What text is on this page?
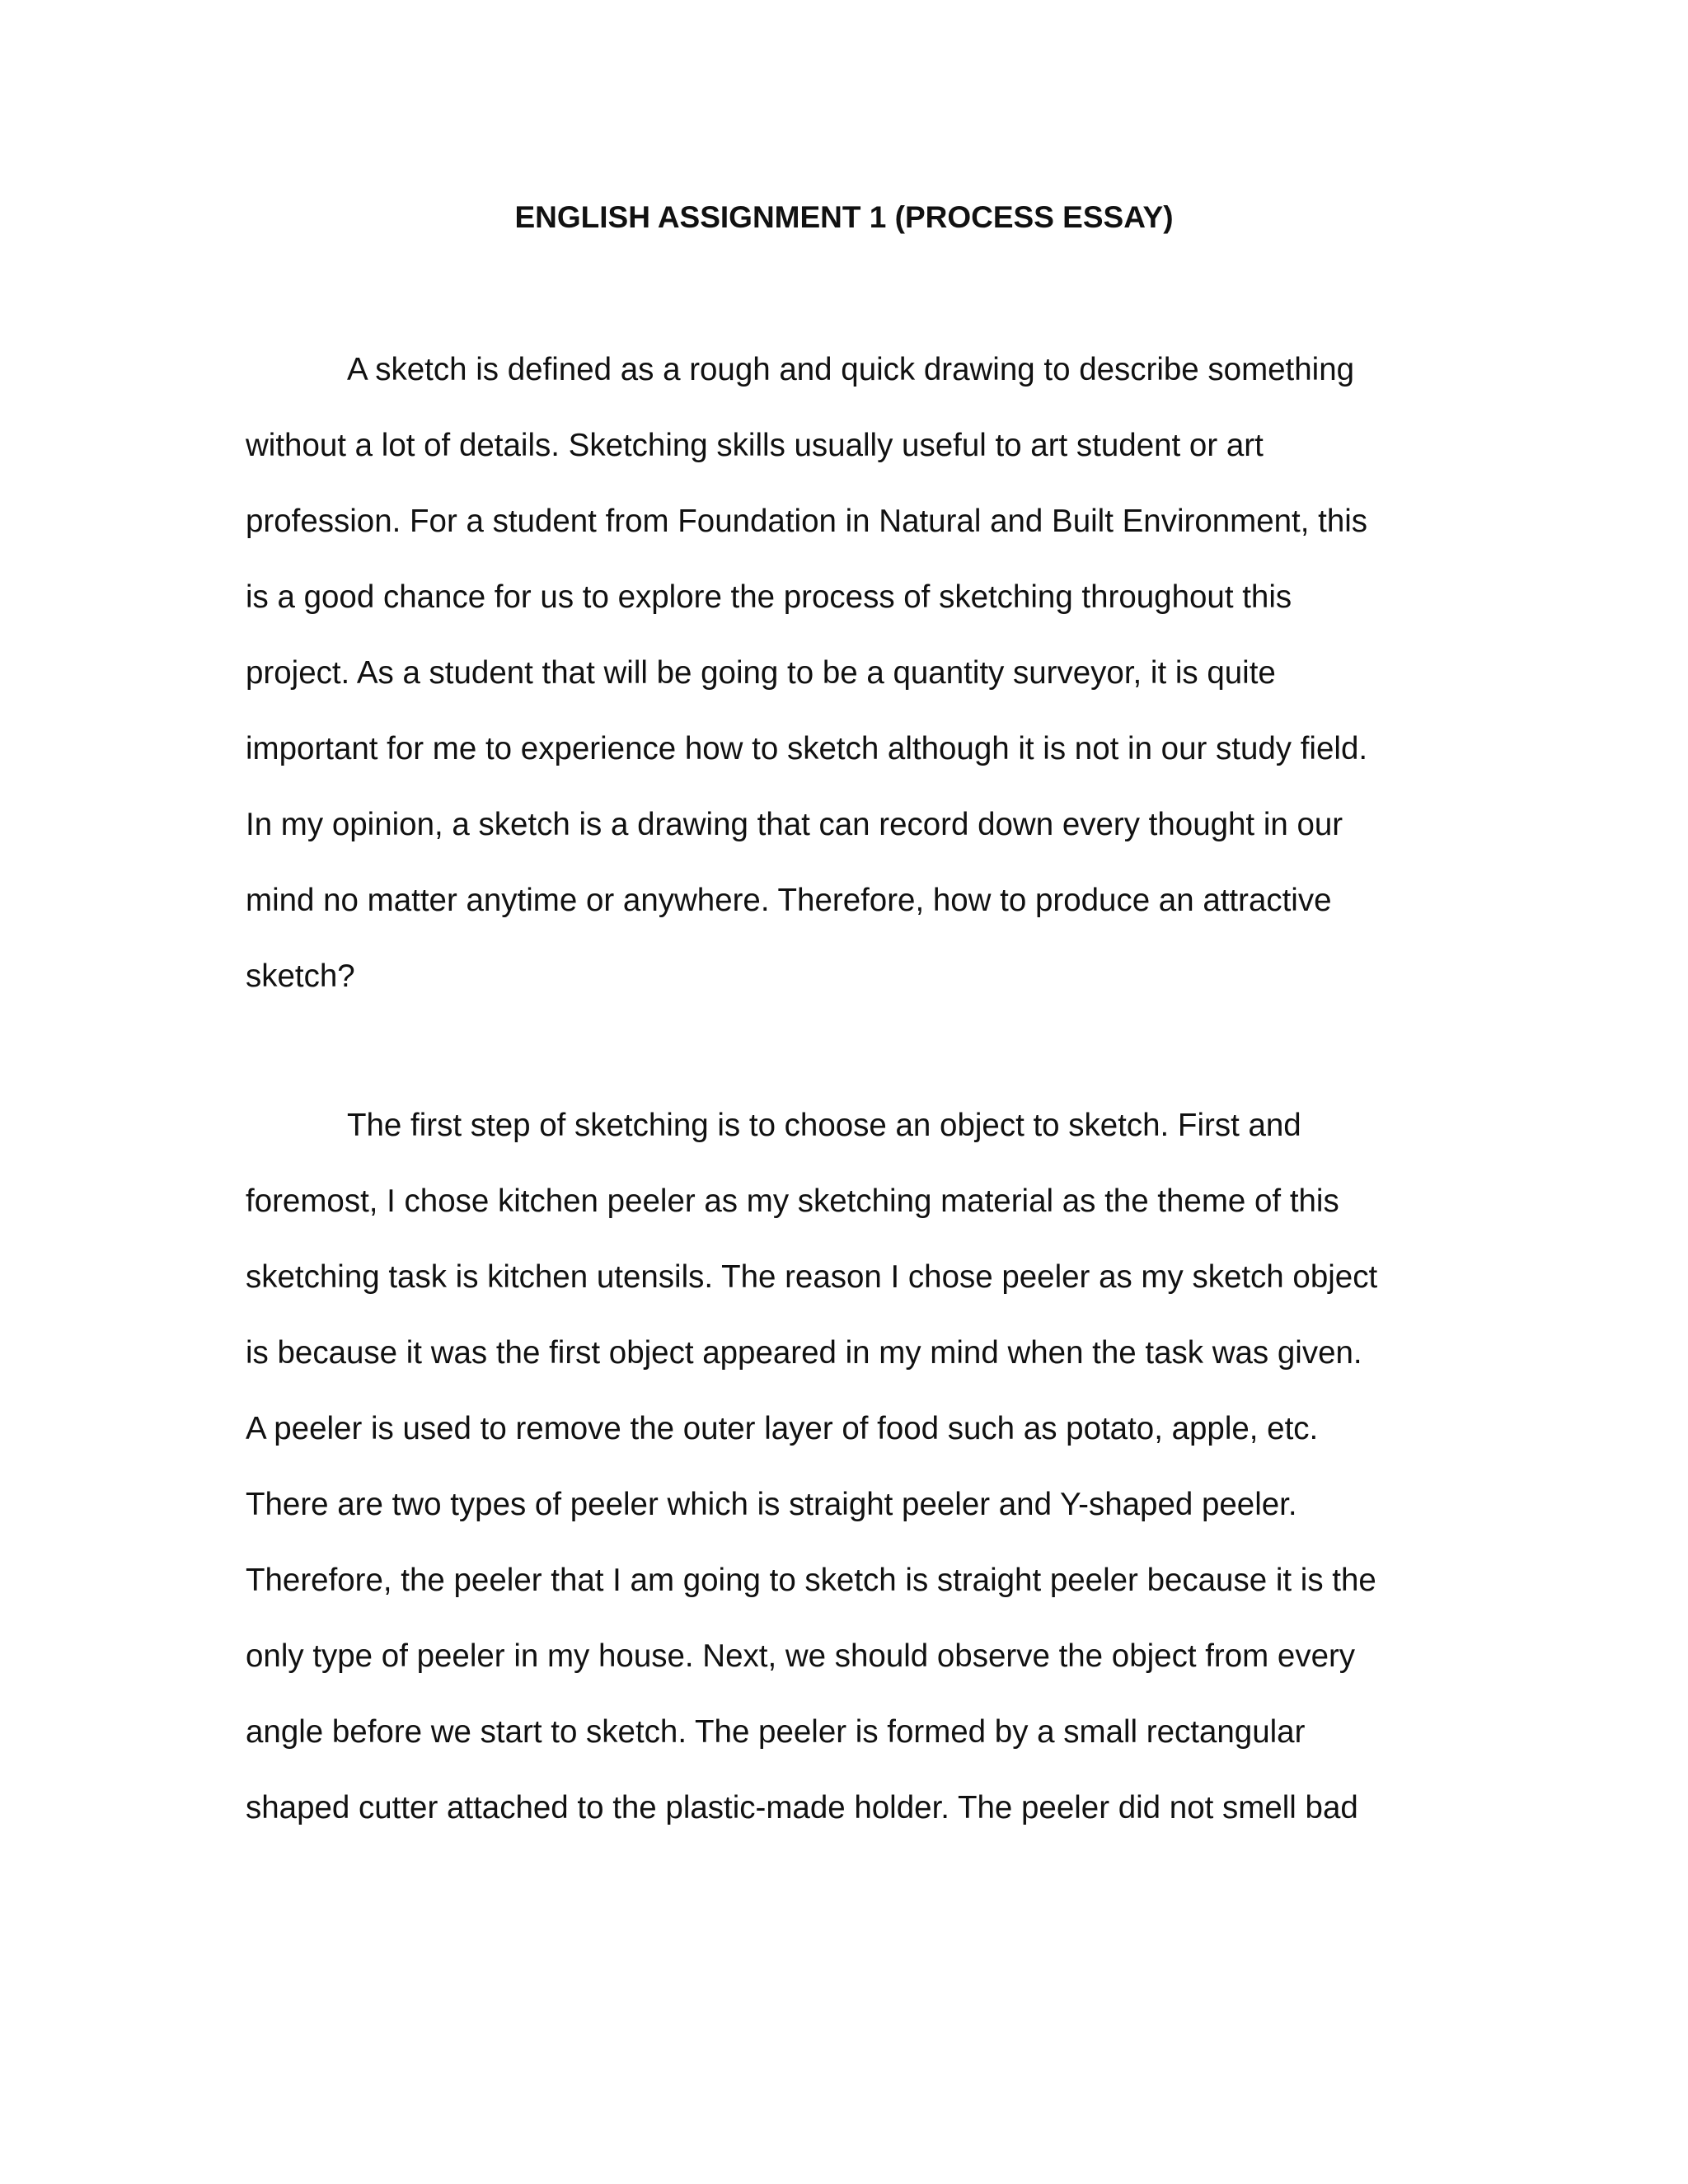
ENGLISH ASSIGNMENT 1 (PROCESS ESSAY)
A sketch is defined as a rough and quick drawing to describe something
without a lot of details. Sketching skills usually useful to art student or art
profession. For a student from Foundation in Natural and Built Environment, this
is a good chance for us to explore the process of sketching throughout this
project. As a student that will be going to be a quantity surveyor, it is quite
important for me to experience how to sketch although it is not in our study field.
In my opinion, a sketch is a drawing that can record down every thought in our
mind no matter anytime or anywhere. Therefore, how to produce an attractive
sketch?
The first step of sketching is to choose an object to sketch. First and
foremost, I chose kitchen peeler as my sketching material as the theme of this
sketching task is kitchen utensils. The reason I chose peeler as my sketch object
is because it was the first object appeared in my mind when the task was given.
A peeler is used to remove the outer layer of food such as potato, apple, etc.
There are two types of peeler which is straight peeler and Y-shaped peeler.
Therefore, the peeler that I am going to sketch is straight peeler because it is the
only type of peeler in my house. Next, we should observe the object from every
angle before we start to sketch. The peeler is formed by a small rectangular
shaped cutter attached to the plastic-made holder. The peeler did not smell bad
